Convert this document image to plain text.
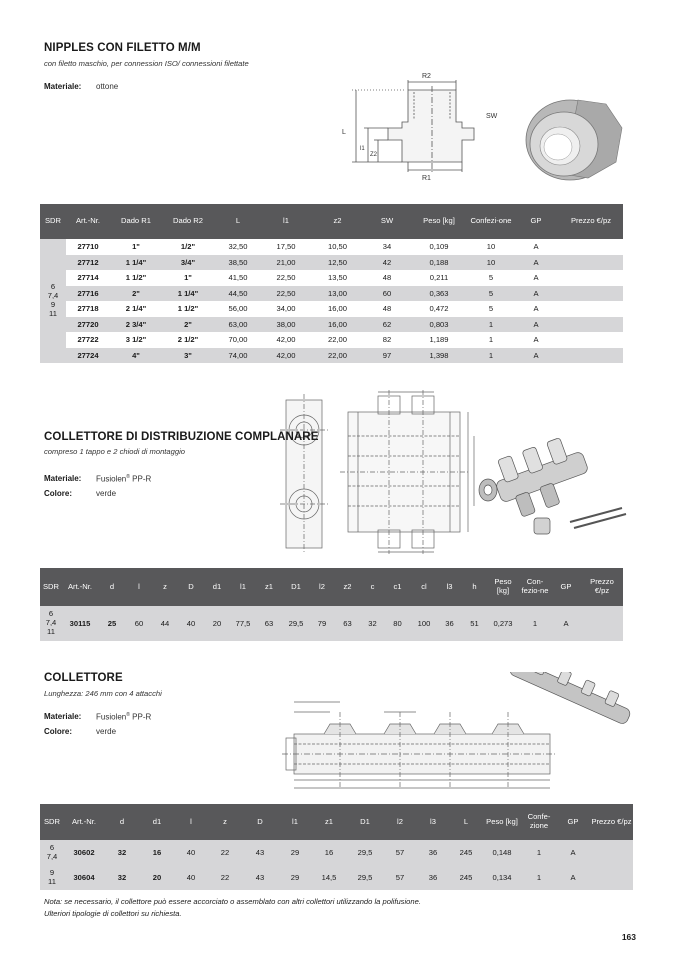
NIPPLES CON FILETTO M/M
con filetto maschio, per connession ISO/ connessioni filettate
Materiale:	ottone
R2
R1
SW
L
l1
Z2
SDR	Art.-Nr.	Dado R1	Dado R2	L	l1	z2	SW	Peso [kg]	Confezi-one	GP	Prezzo €/pz

6
7,4
9
11	27710	1"	1/2"	32,50	17,50	10,50	34	0,109	10	A	
	27712	1 1/4"	3/4"	38,50	21,00	12,50	42	0,188	10	A	
	27714	1 1/2"	1"	41,50	22,50	13,50	48	0,211	5	A	
	27716	2"	1 1/4"	44,50	22,50	13,00	60	0,363	5	A	
	27718	2 1/4"	1 1/2"	56,00	34,00	16,00	48	0,472	5	A	
	27720	2 3/4"	2"	63,00	38,00	16,00	62	0,803	1	A	
	27722	3 1/2"	2 1/2"	70,00	42,00	22,00	82	1,189	1	A	
	27724	4"	3"	74,00	42,00	22,00	97	1,398	1	A	
COLLETTORE DI DISTRIBUZIONE COMPLANARE
compreso 1 tappo e 2 chiodi di montaggio
Materiale:	Fusiolen® PP-R
Colore:	verde
SDR	Art.-Nr.	d	l	z	D	d1	l1	z1	D1	l2	z2	c	c1	cl	l3	h	Peso [kg]	Con-fezio-ne	GP	Prezzo €/pz

6
7,4
11	30115	25	60	44	40	20	77,5	63	29,5	79	63	32	80	100	36	51	0,273	1	A	
COLLETTORE
Lunghezza: 246 mm con 4 attacchi
Materiale:	Fusiolen® PP-R
Colore:	verde
SDR	Art.-Nr.	d	d1	l	z	D	l1	z1	D1	l2	l3	L	Peso [kg]	Confe-zione	GP	Prezzo €/pz

6
7,4	30602	32	16	40	22	43	29	16	29,5	57	36	245	0,148	1	A	

9
11	30604	32	20	40	22	43	29	14,5	29,5	57	36	245	0,134	1	A	
Nota: se necessario, il collettore può essere accorciato o assemblato con altri collettori utilizzando la polifusione.
Ulteriori tipologie di collettori su richiesta.
163
